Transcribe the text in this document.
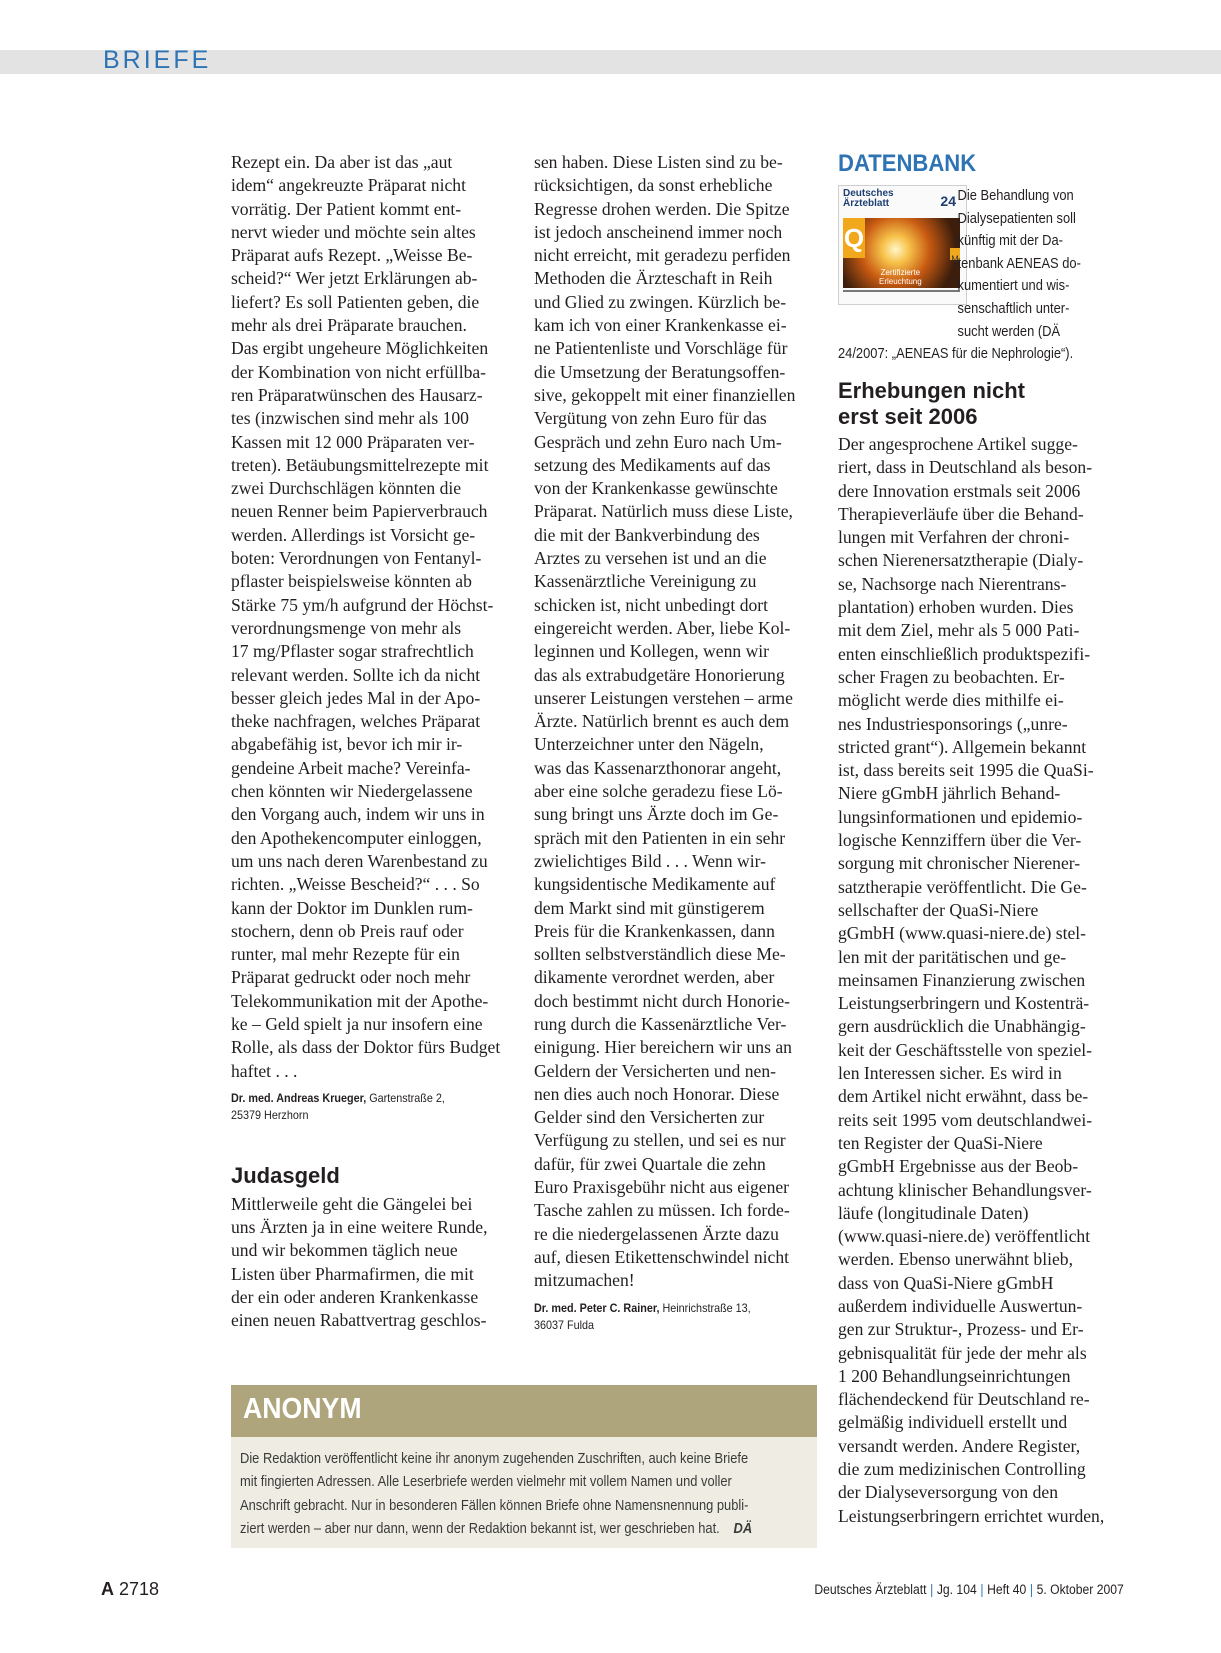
BRIEFE

Rezept ein. Da aber ist das „aut
idem“ angekreuzte Präparat nicht
vorrätig. Der Patient kommt ent-
nervt wieder und möchte sein altes
Präparat aufs Rezept. „Weisse Be-
scheid?“ Wer jetzt Erklärungen ab-
liefert? Es soll Patienten geben, die
mehr als drei Präparate brauchen.
Das ergibt ungeheure Möglichkeiten
der Kombination von nicht erfüllba-
ren Präparatwünschen des Hausarz-
tes (inzwischen sind mehr als 100
Kassen mit 12 000 Präparaten ver-
treten). Betäubungsmittelrezepte mit
zwei Durchschlägen könnten die
neuen Renner beim Papierverbrauch
werden. Allerdings ist Vorsicht ge-
boten: Verordnungen von Fentanyl-
pflaster beispielsweise könnten ab
Stärke 75 ym/h aufgrund der Höchst-
verordnungsmenge von mehr als
17 mg/Pflaster sogar strafrechtlich
relevant werden. Sollte ich da nicht
besser gleich jedes Mal in der Apo-
theke nachfragen, welches Präparat
abgabefähig ist, bevor ich mir ir-
gendeine Arbeit mache? Vereinfa-
chen könnten wir Niedergelassene
den Vorgang auch, indem wir uns in
den Apothekencomputer einloggen,
um uns nach deren Warenbestand zu
richten. „Weisse Bescheid?“ . . . So
kann der Doktor im Dunklen rum-
stochern, denn ob Preis rauf oder
runter, mal mehr Rezepte für ein
Präparat gedruckt oder noch mehr
Telekommunikation mit der Apothe-
ke – Geld spielt ja nur insofern eine
Rolle, als dass der Doktor fürs Budget
haftet . . .

Dr. med. Andreas Krueger, Gartenstraße 2,
25379 Herzhorn

Judasgeld

Mittlerweile geht die Gängelei bei
uns Ärzten ja in eine weitere Runde,
und wir bekommen täglich neue
Listen über Pharmafirmen, die mit
der ein oder anderen Krankenkasse
einen neuen Rabattvertrag geschlos-

sen haben. Diese Listen sind zu be-
rücksichtigen, da sonst erhebliche
Regresse drohen werden. Die Spitze
ist jedoch anscheinend immer noch
nicht erreicht, mit geradezu perfiden
Methoden die Ärzteschaft in Reih
und Glied zu zwingen. Kürzlich be-
kam ich von einer Krankenkasse ei-
ne Patientenliste und Vorschläge für
die Umsetzung der Beratungsoffen-
sive, gekoppelt mit einer finanziellen
Vergütung von zehn Euro für das
Gespräch und zehn Euro nach Um-
setzung des Medikaments auf das
von der Krankenkasse gewünschte
Präparat. Natürlich muss diese Liste,
die mit der Bankverbindung des
Arztes zu versehen ist und an die
Kassenärztliche Vereinigung zu
schicken ist, nicht unbedingt dort
eingereicht werden. Aber, liebe Kol-
leginnen und Kollegen, wenn wir
das als extrabudgetäre Honorierung
unserer Leistungen verstehen – arme
Ärzte. Natürlich brennt es auch dem
Unterzeichner unter den Nägeln,
was das Kassenarzthonorar angeht,
aber eine solche geradezu fiese Lö-
sung bringt uns Ärzte doch im Ge-
spräch mit den Patienten in ein sehr
zwielichtiges Bild . . . Wenn wir-
kungsidentische Medikamente auf
dem Markt sind mit günstigerem
Preis für die Krankenkassen, dann
sollten selbstverständlich diese Me-
dikamente verordnet werden, aber
doch bestimmt nicht durch Honorie-
rung durch die Kassenärztliche Ver-
einigung. Hier bereichern wir uns an
Geldern der Versicherten und nen-
nen dies auch noch Honorar. Diese
Gelder sind den Versicherten zur
Verfügung zu stellen, und sei es nur
dafür, für zwei Quartale die zehn
Euro Praxisgebühr nicht aus eigener
Tasche zahlen zu müssen. Ich forde-
re die niedergelassenen Ärzte dazu
auf, diesen Etikettenschwindel nicht
mitzumachen!

Dr. med. Peter C. Rainer, Heinrichstraße 13,
36037 Fulda

DATENBANK
Deutsches
Ärzteblatt	24
Q
M
Zertifizierte
Erleuchtung
Die Behandlung von
Dialysepatienten soll
künftig mit der Da-
tenbank AENEAS do-
kumentiert und wis-
senschaftlich unter-
sucht werden (DÄ
24/2007: „AENEAS für die Nephrologie“).
Erhebungen nicht
erst seit 2006

Der angesprochene Artikel sugge-
riert, dass in Deutschland als beson-
dere Innovation erstmals seit 2006
Therapieverläufe über die Behand-
lungen mit Verfahren der chroni-
schen Nierenersatztherapie (Dialy-
se, Nachsorge nach Nierentrans-
plantation) erhoben wurden. Dies
mit dem Ziel, mehr als 5 000 Pati-
enten einschließlich produktspezifi-
scher Fragen zu beobachten. Er-
möglicht werde dies mithilfe ei-
nes Industriesponsorings („unre-
stricted grant“). Allgemein bekannt
ist, dass bereits seit 1995 die QuaSi-
Niere gGmbH jährlich Behand-
lungsinformationen und epidemio-
logische Kennziffern über die Ver-
sorgung mit chronischer Nierener-
satztherapie veröffentlicht. Die Ge-
sellschafter der QuaSi-Niere
gGmbH (www.quasi-niere.de) stel-
len mit der paritätischen und ge-
meinsamen Finanzierung zwischen
Leistungserbringern und Kostenträ-
gern ausdrücklich die Unabhängig-
keit der Geschäftsstelle von speziel-
len Interessen sicher. Es wird in
dem Artikel nicht erwähnt, dass be-
reits seit 1995 vom deutschlandwei-
ten Register der QuaSi-Niere
gGmbH Ergebnisse aus der Beob-
achtung klinischer Behandlungsver-
läufe (longitudinale Daten)
(www.quasi-niere.de) veröffentlicht
werden. Ebenso unerwähnt blieb,
dass von QuaSi-Niere gGmbH
außerdem individuelle Auswertun-
gen zur Struktur-, Prozess- und Er-
gebnisqualität für jede der mehr als
1 200 Behandlungseinrichtungen
flächendeckend für Deutschland re-
gelmäßig individuell erstellt und
versandt werden. Andere Register,
die zum medizinischen Controlling
der Dialyseversorgung von den
Leistungserbringern errichtet wurden,

ANONYM
Die Redaktion veröffentlicht keine ihr anonym zugehenden Zuschriften, auch keine Briefe
mit fingierten Adressen. Alle Leserbriefe werden vielmehr mit vollem Namen und voller
Anschrift gebracht. Nur in besonderen Fällen können Briefe ohne Namensnennung publi-
ziert werden – aber nur dann, wenn der Redaktion bekannt ist, wer geschrieben hat. DÄ
A 2718	Deutsches Ärzteblatt | Jg. 104 | Heft 40 | 5. Oktober 2007
